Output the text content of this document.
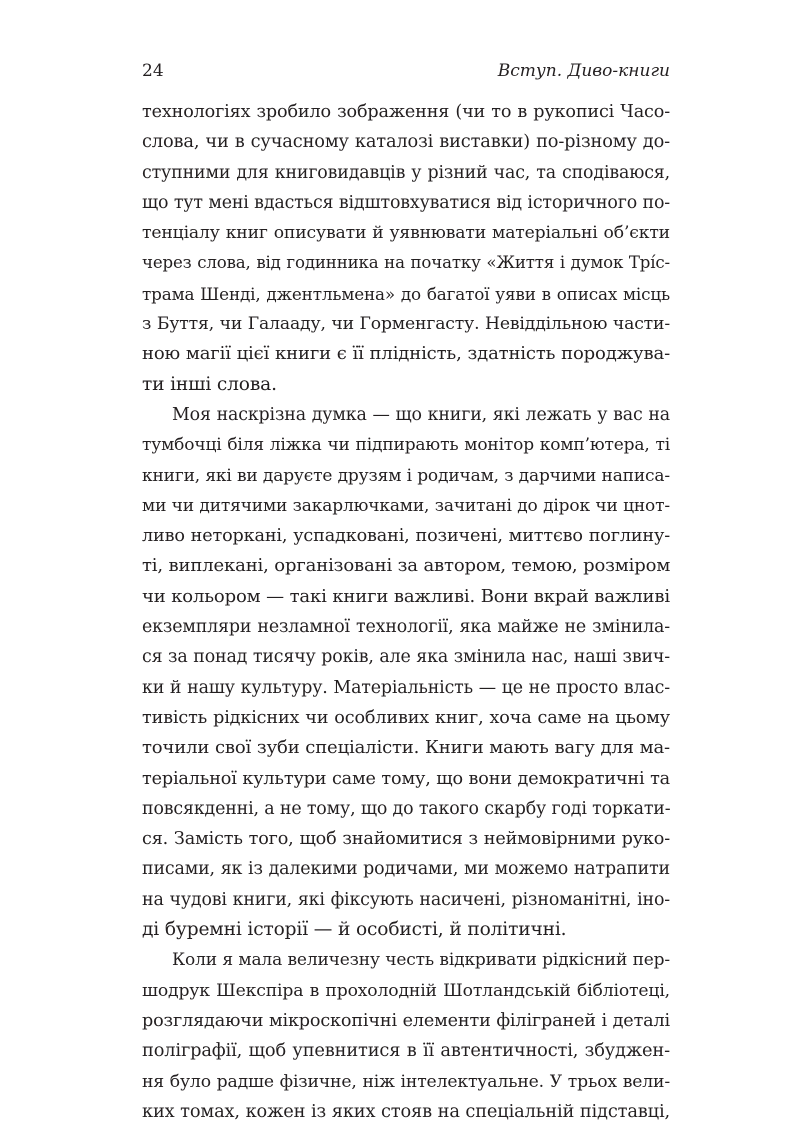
24	Вступ. Диво-книги
технологіях зробило зображення (чи то в рукописі Часо-
слова, чи в сучасному каталозі виставки) по-різному до-
ступними для книговидавців у різний час, та сподіваюся,
що тут мені вдасться відштовхуватися від історичного по-
тенціалу книг описувати й уявнювати матеріальні об’єкти
через слова, від годинника на початку «Життя і думок Трі́с-
трама Шенді, джентльмена» до багатої уяви в описах місць
з Буття, чи Галааду, чи Горменгасту. Невіддільною части-
ною магії цієї книги є її плідність, здатність породжува-
ти інші слова.
Моя наскрізна думка — що книги, які лежать у вас на
тумбочці біля ліжка чи підпирають монітор комп’ютера, ті
книги, які ви даруєте друзям і родичам, з дарчими написа-
ми чи дитячими закарлючками, зачитані до дірок чи цнот-
ливо неторкані, успадковані, позичені, миттєво поглину-
ті, виплекані, організовані за автором, темою, розміром
чи кольором — такі книги важливі. Вони вкрай важливі
екземпляри незламної технології, яка майже не змінила-
ся за понад тисячу років, але яка змінила нас, наші звич-
ки й нашу культуру. Матеріальність — це не просто влас-
тивість рідкісних чи особливих книг, хоча саме на цьому
точили свої зуби спеціалісти. Книги мають вагу для ма-
теріальної культури саме тому, що вони демократичні та
повсякденні, а не тому, що до такого скарбу годі торкати-
ся. Замість того, щоб знайомитися з неймовірними руко-
писами, як із далекими родичами, ми можемо натрапити
на чудові книги, які фіксують насичені, різноманітні, іно-
ді буремні історії — й особисті, й політичні.
Коли я мала величезну честь відкривати рідкісний пер-
шодрук Шекспіра в прохолодній Шотландській бібліотеці,
розглядаючи мікроскопічні елементи філіграней і деталі
поліграфії, щоб упевнитися в її автентичності, збуджен-
ня було радше фізичне, ніж інтелектуальне. У трьох вели-
ких томах, кожен із яких стояв на спеціальній підставці,
